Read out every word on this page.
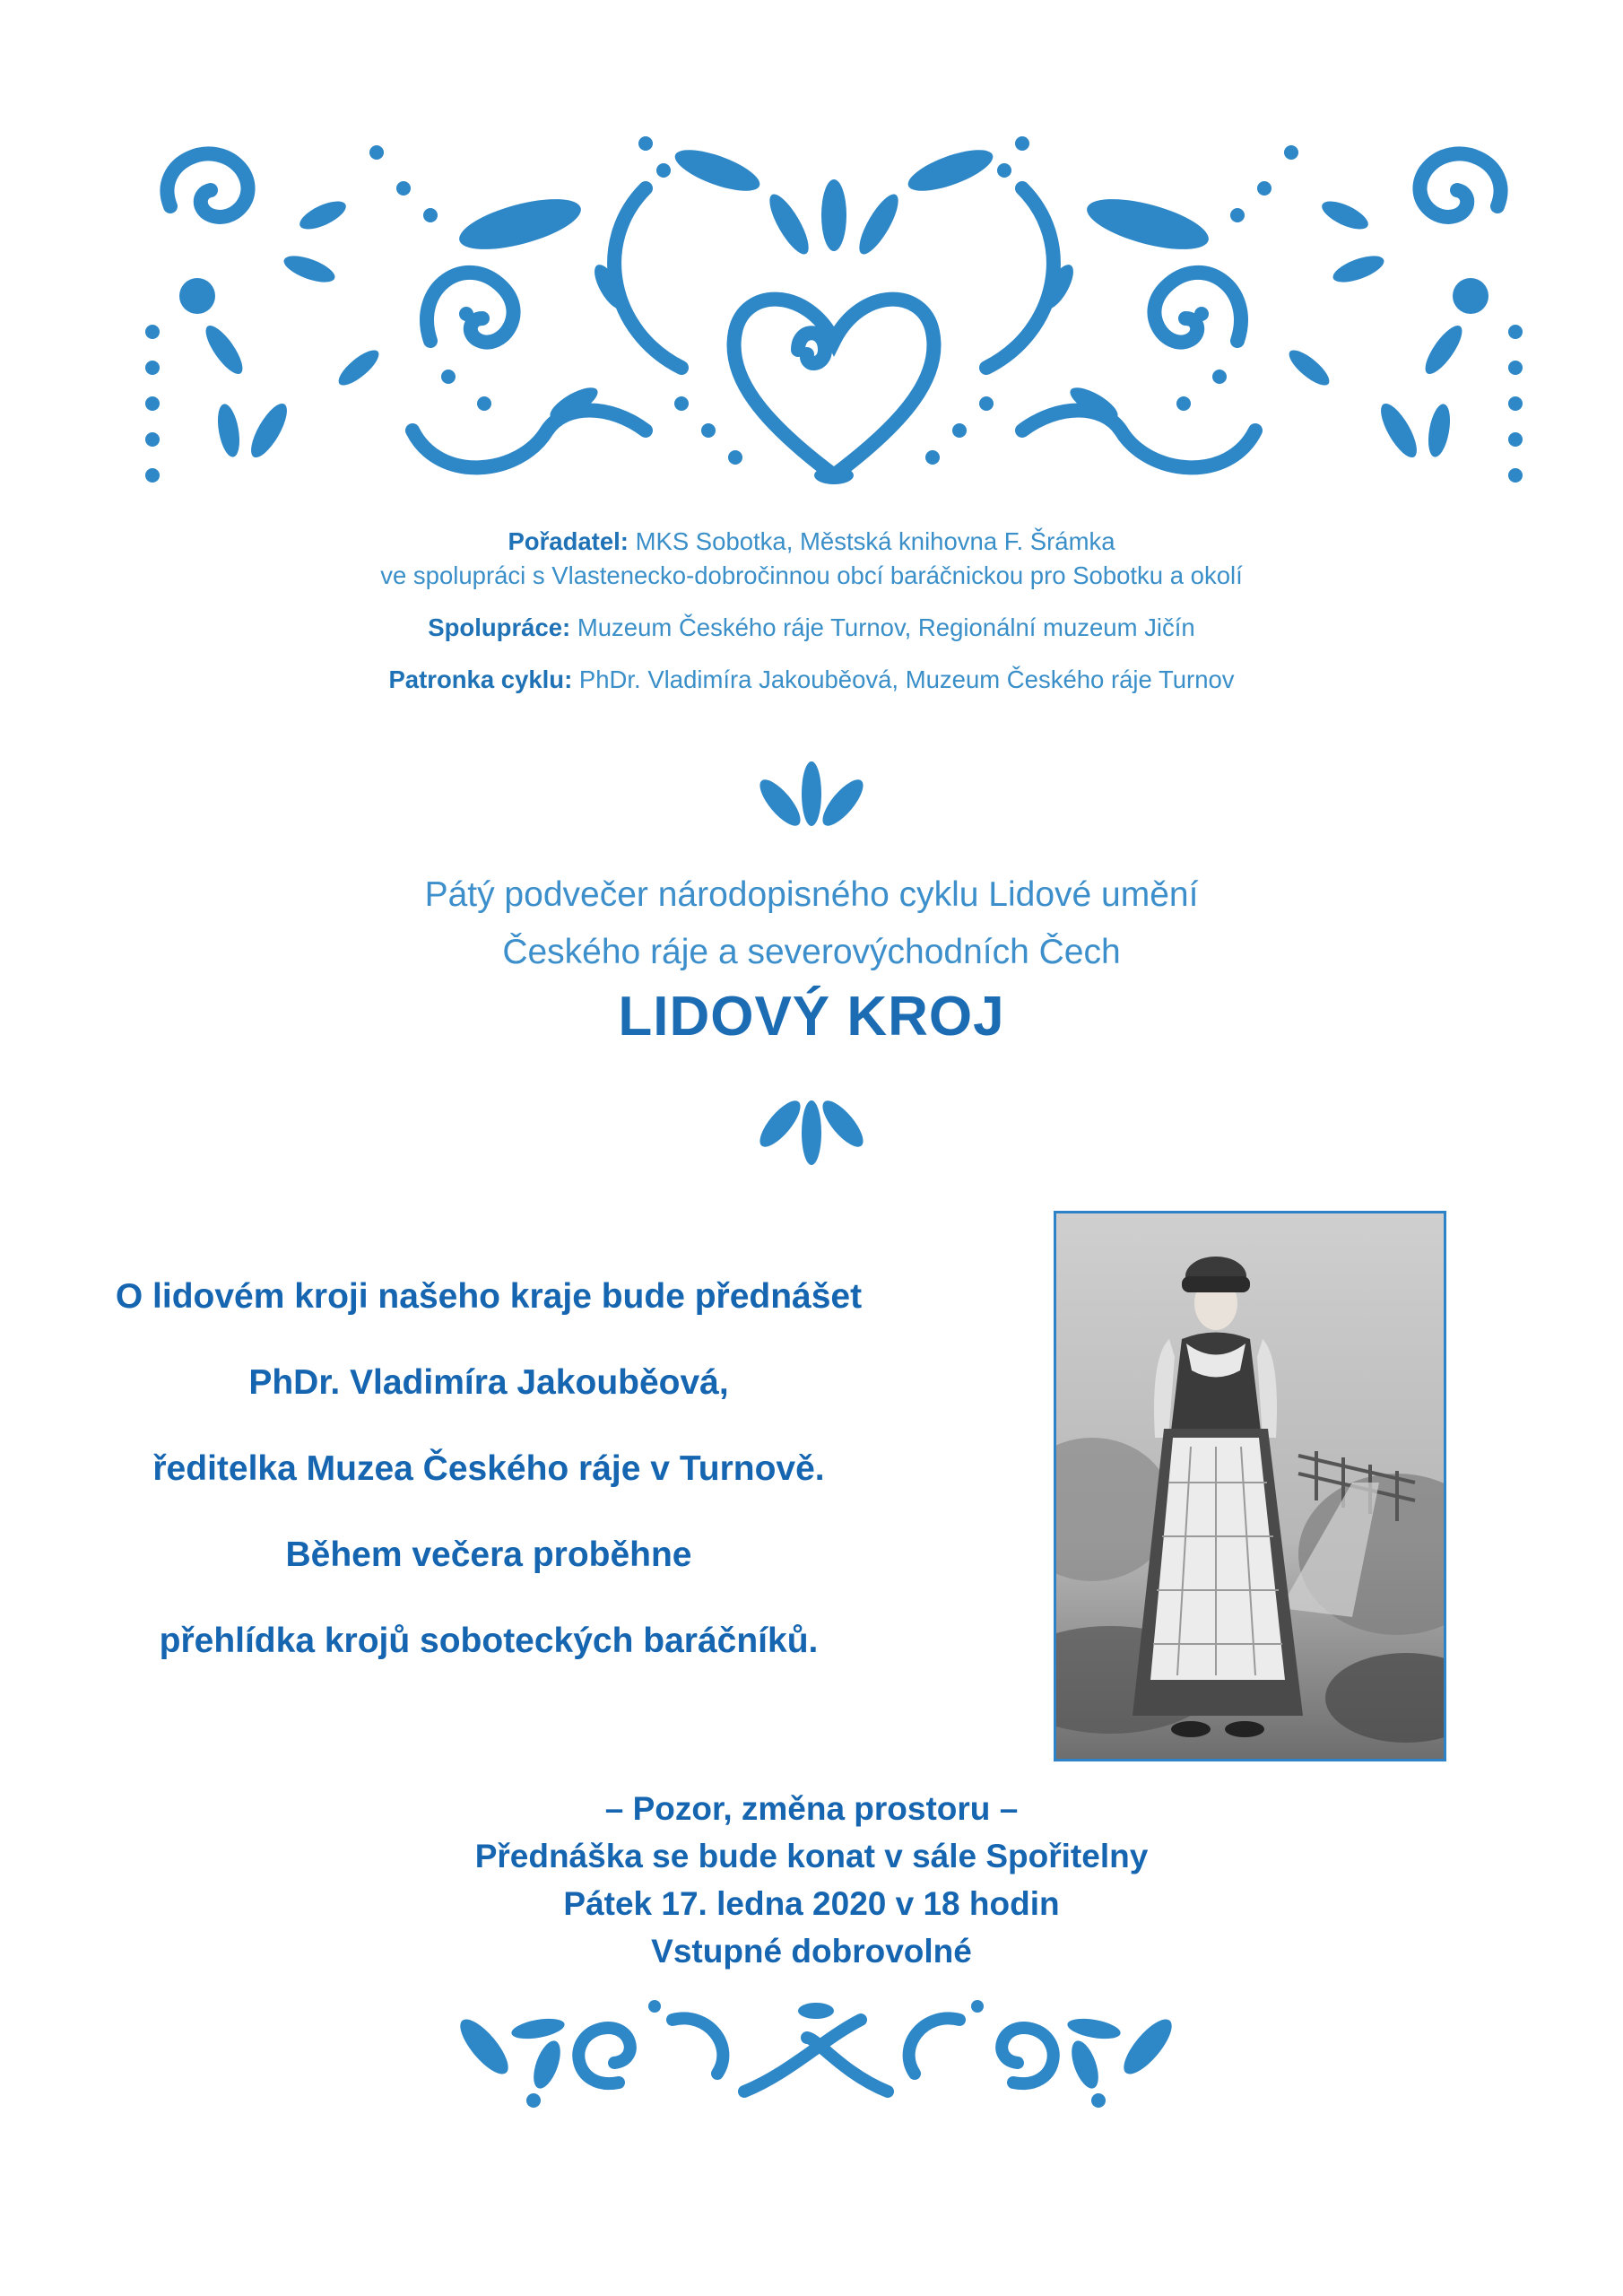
Pořadatel: MKS Sobotka, Městská knihovna F. Šrámka

ve spolupráci s Vlastenecko-dobročinnou obcí baráčnickou pro Sobotku a okolí

Spolupráce: Muzeum Českého ráje Turnov, Regionální muzeum Jičín

Patronka cyklu: PhDr. Vladimíra Jakouběová, Muzeum Českého ráje Turnov

Pátý podvečer národopisného cyklu Lidové umění
Českého ráje a severovýchodních Čech
LIDOVÝ KROJ

O lidovém kroji našeho kraje bude přednášet

PhDr. Vladimíra Jakouběová,

ředitelka Muzea Českého ráje v Turnově.

Během večera proběhne

přehlídka krojů soboteckých baráčníků.

– Pozor, změna prostoru –

Přednáška se bude konat v sále Spořitelny

Pátek 17. ledna 2020 v 18 hodin

Vstupné dobrovolné
